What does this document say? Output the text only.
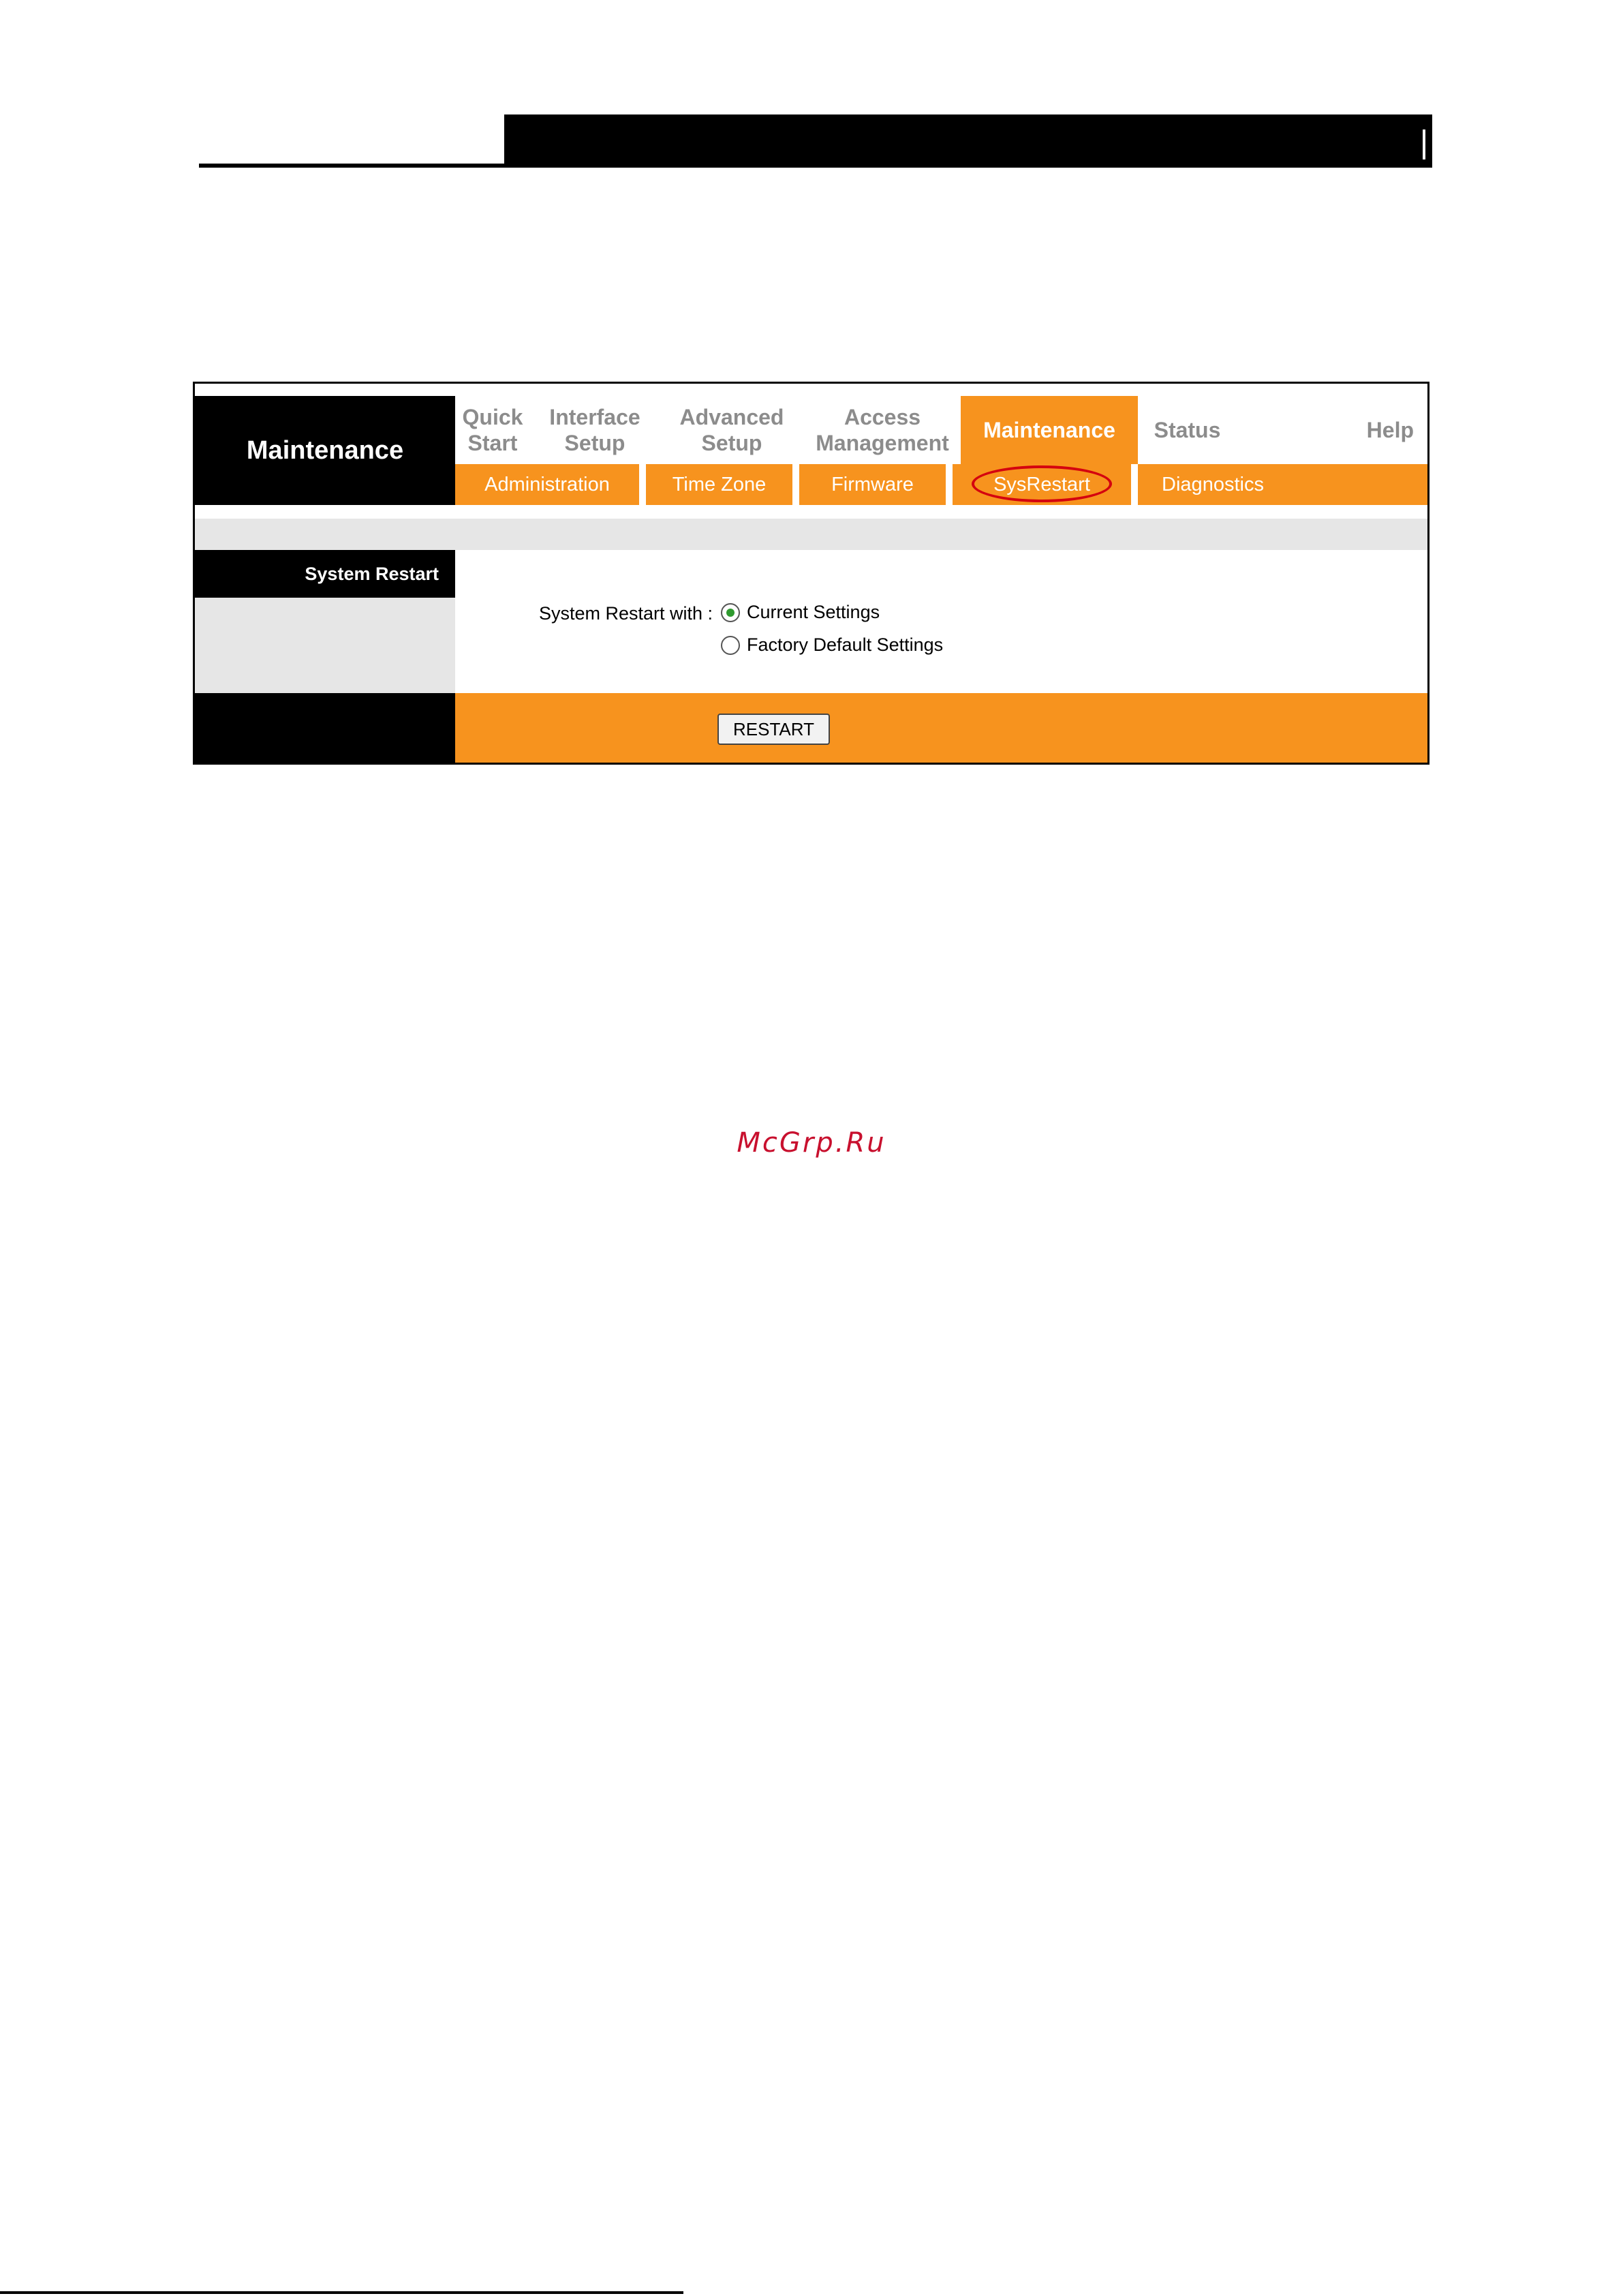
Maintenance
Quick
Start
Interface
Setup
Advanced
Setup
Access
Management
Maintenance Status	Help
Administration	Time Zone	Firmware	SysRestart	Diagnostics
System Restart
System Restart with : Current Settings
Factory Default Settings
RESTART
McGrp.Ru
